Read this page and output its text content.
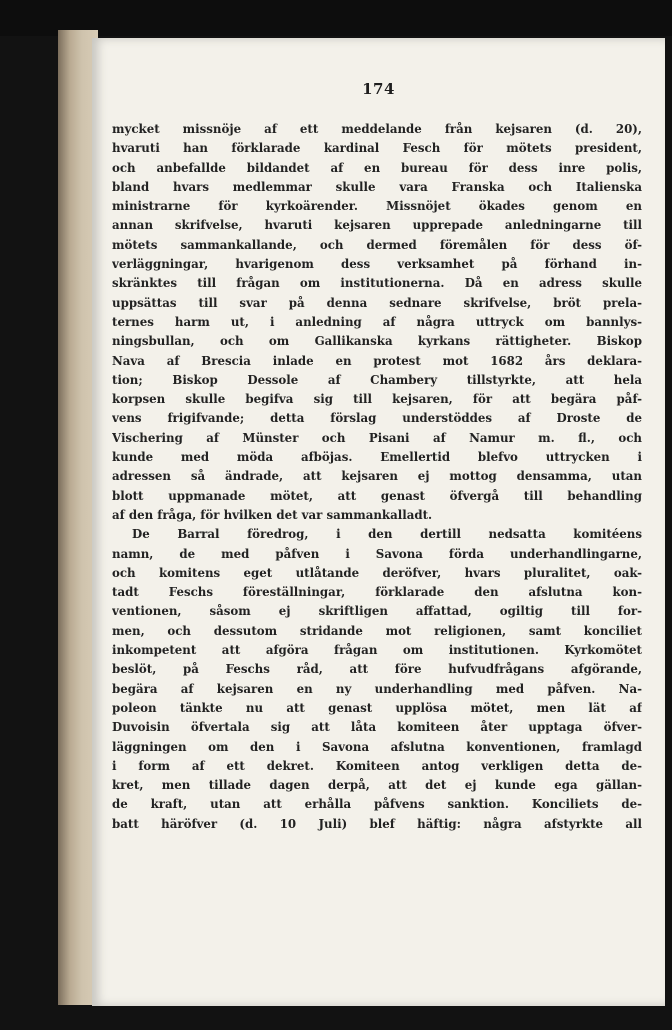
174
mycket missnöje af ett meddelande från kejsaren (d. 20),
hvaruti han förklarade kardinal Fesch för mötets president,
och anbefallde bildandet af en bureau för dess inre polis,
bland hvars medlemmar skulle vara Franska och Italienska
ministrarne för kyrkoärender. Missnöjet ökades genom en
annan skrifvelse, hvaruti kejsaren upprepade anledningarne till
mötets sammankallande, och dermed föremålen för dess öf-
verläggningar, hvarigenom dess verksamhet på förhand in-
skränktes till frågan om institutionerna. Då en adress skulle
uppsättas till svar på denna sednare skrifvelse, bröt prela-
ternes harm ut, i anledning af några uttryck om bannlys-
ningsbullan, och om Gallikanska kyrkans rättigheter. Biskop
Nava af Brescia inlade en protest mot 1682 års deklara-
tion; Biskop Dessole af Chambery tillstyrkte, att hela
korpsen skulle begifva sig till kejsaren, för att begära påf-
vens frigifvande; detta förslag understöddes af Droste de
Vischering af Münster och Pisani af Namur m. fl., och
kunde med möda afböjas. Emellertid blefvo uttrycken i
adressen så ändrade, att kejsaren ej mottog densamma, utan
blott uppmanade mötet, att genast öfvergå till behandling
af den fråga, för hvilken det var sammankalladt.
De Barral föredrog, i den dertill nedsatta komitéens
namn, de med påfven i Savona förda underhandlingarne,
och komitens eget utlåtande deröfver, hvars pluralitet, oak-
tadt Feschs föreställningar, förklarade den afslutna kon-
ventionen, såsom ej skriftligen affattad, ogiltig till for-
men, och dessutom stridande mot religionen, samt konciliet
inkompetent att afgöra frågan om institutionen. Kyrkomötet
beslöt, på Feschs råd, att före hufvudfrågans afgörande,
begära af kejsaren en ny underhandling med påfven. Na-
poleon tänkte nu att genast upplösa mötet, men lät af
Duvoisin öfvertala sig att låta komiteen åter upptaga öfver-
läggningen om den i Savona afslutna konventionen, framlagd
i form af ett dekret. Komiteen antog verkligen detta de-
kret, men tillade dagen derpå, att det ej kunde ega gällan-
de kraft, utan att erhålla påfvens sanktion. Konciliets de-
batt häröfver (d. 10 Juli) blef häftig: några afstyrkte all
